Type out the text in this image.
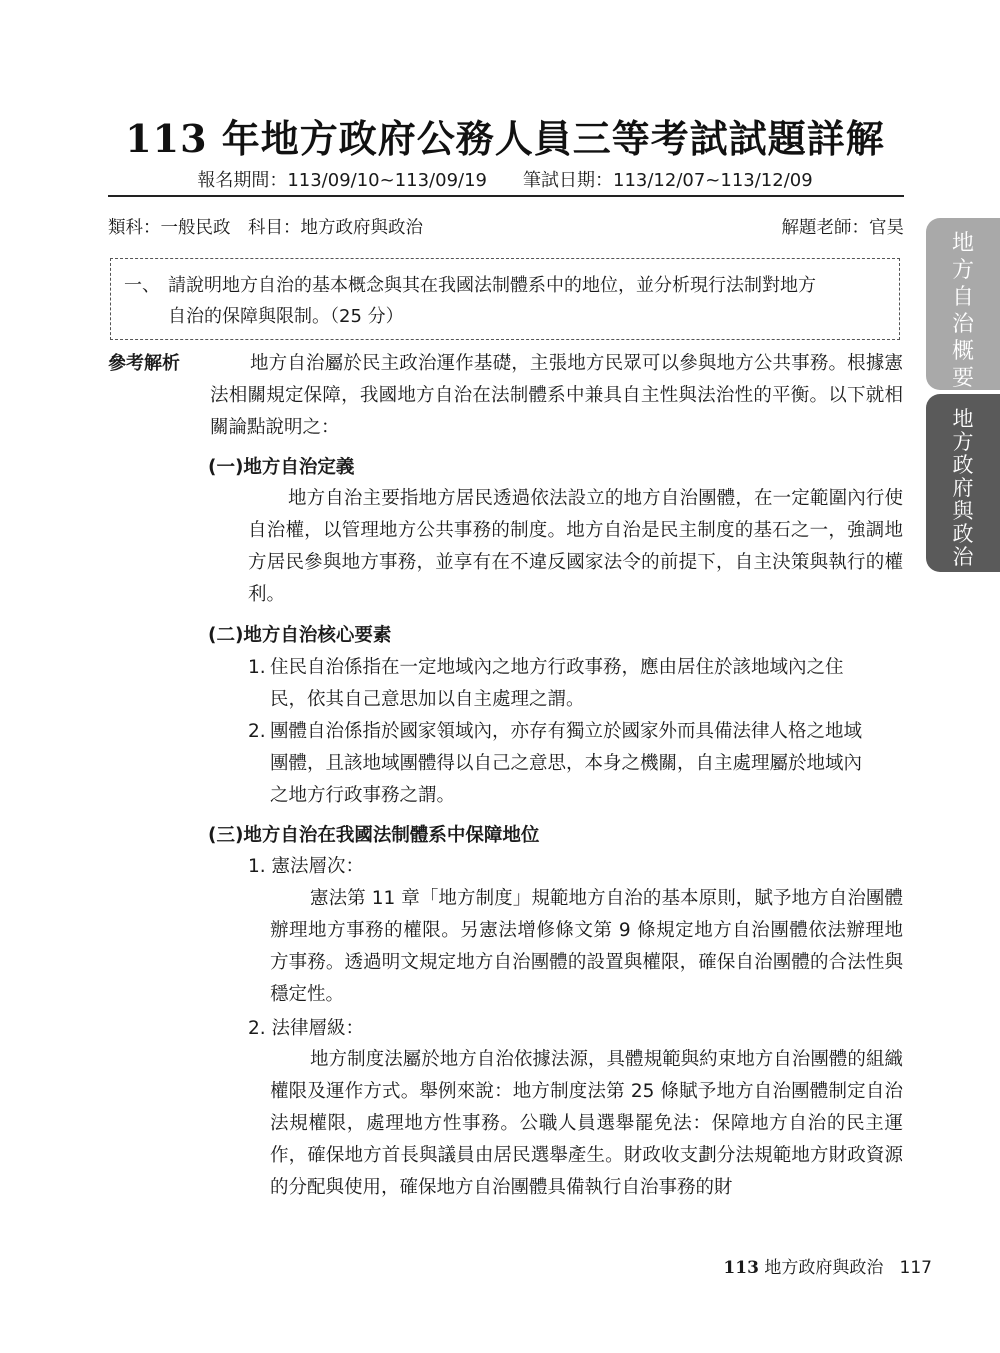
113 年地方政府公務人員三等考試試題詳解
報名期間：113/09/10~113/09/19　　筆試日期：113/12/07~113/12/09
類科：一般民政　科目：地方政府與政治	解題老師：官昊
一、 請說明地方自治的基本概念與其在我國法制體系中的地位，並分析現行法制對地方
自治的保障與限制。（25 分）
參考解析	地方自治屬於民主政治運作基礎，主張地方民眾可以參與地方公共事務。根據憲法相關規定保障，我國地方自治在法制體系中兼具自主性與法治性的平衡。以下就相關論點說明之：
(一)地方自治定義
地方自治主要指地方居民透過依法設立的地方自治團體，在一定範圍內行使自治權，以管理地方公共事務的制度。地方自治是民主制度的基石之一，強調地方居民參與地方事務，並享有在不違反國家法令的前提下，自主決策與執行的權利。
(二)地方自治核心要素
1. 住民自治係指在一定地域內之地方行政事務，應由居住於該地域內之住
民，依其自己意思加以自主處理之謂。
2. 團體自治係指於國家領域內，亦存有獨立於國家外而具備法律人格之地域
團體，且該地域團體得以自己之意思，本身之機關，自主處理屬於地域內
之地方行政事務之謂。
(三)地方自治在我國法制體系中保障地位
1. 憲法層次：
憲法第 11 章「地方制度」規範地方自治的基本原則，賦予地方自治團體辦理地方事務的權限。另憲法增修條文第 9 條規定地方自治團體依法辦理地方事務。透過明文規定地方自治團體的設置與權限，確保自治團體的合法性與穩定性。
2. 法律層級：
地方制度法屬於地方自治依據法源，具體規範與約束地方自治團體的組織權限及運作方式。舉例來說：地方制度法第 25 條賦予地方自治團體制定自治法規權限，處理地方性事務。公職人員選舉罷免法：保障地方自治的民主運作，確保地方首長與議員由居民選舉產生。財政收支劃分法規範地方財政資源的分配與使用，確保地方自治團體具備執行自治事務的財
地
方
自
治
概
要
地
方
政
府
與
政
治
113 地方政府與政治 117
